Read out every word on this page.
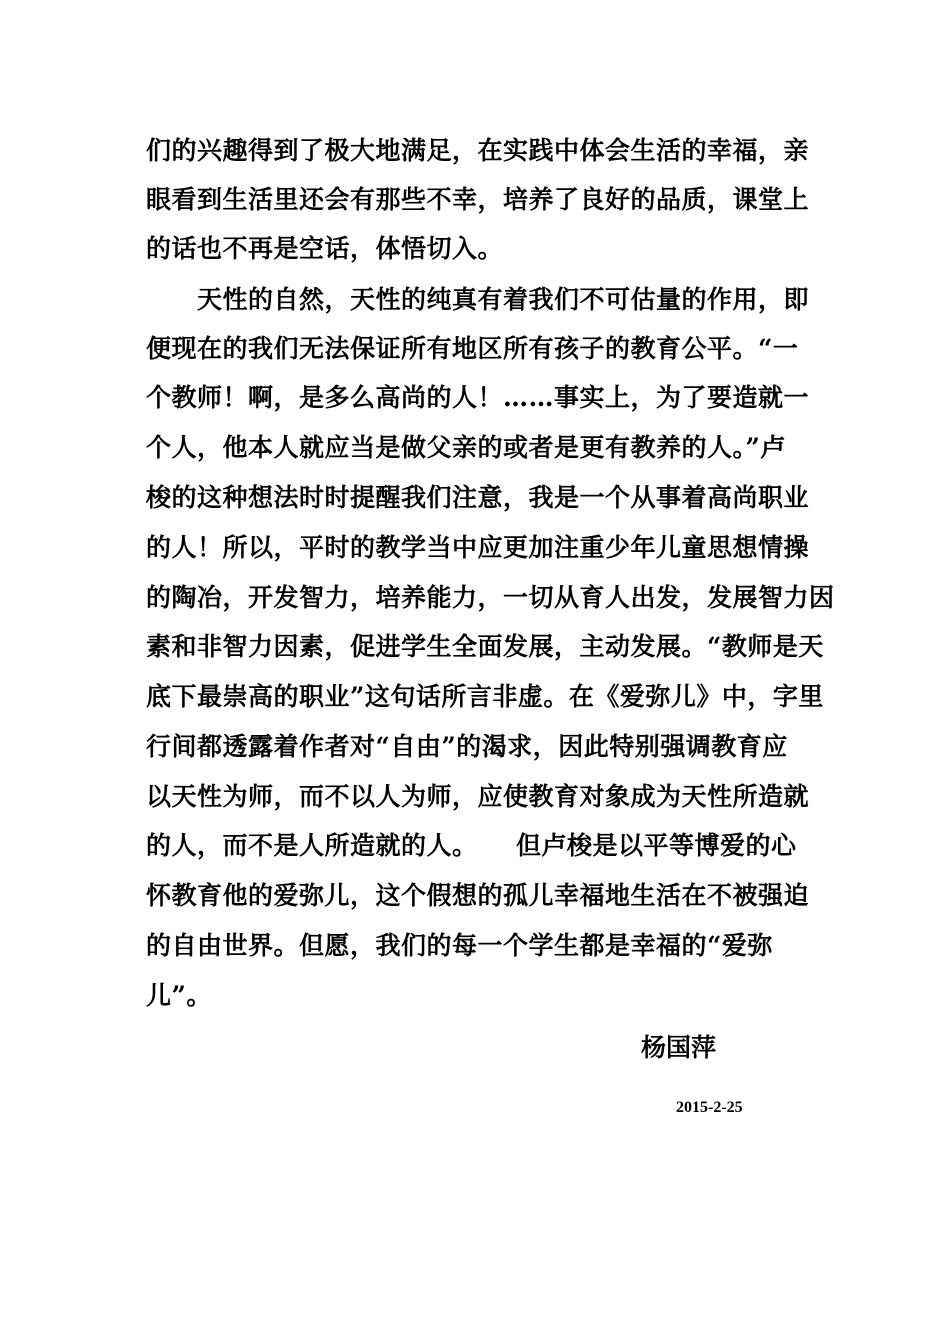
们的兴趣得到了极大地满足，在实践中体会生活的幸福，亲
眼看到生活里还会有那些不幸，培养了良好的品质，课堂上
的话也不再是空话，体悟切入。
　　天性的自然，天性的纯真有着我们不可估量的作用，即
便现在的我们无法保证所有地区所有孩子的教育公平。“一
个教师！啊，是多么高尚的人！……事实上，为了要造就一
个人，他本人就应当是做父亲的或者是更有教养的人。”卢
梭的这种想法时时提醒我们注意，我是一个从事着高尚职业
的人！所以，平时的教学当中应更加注重少年儿童思想情操
的陶冶，开发智力，培养能力，一切从育人出发，发展智力因
素和非智力因素，促进学生全面发展，主动发展。“教师是天
底下最崇高的职业”这句话所言非虚。在《爱弥儿》中，字里
行间都透露着作者对“自由”的渴求，因此特别强调教育应
以天性为师，而不以人为师，应使教育对象成为天性所造就
的人，而不是人所造就的人。　　但卢梭是以平等博爱的心
怀教育他的爱弥儿，这个假想的孤儿幸福地生活在不被强迫
的自由世界。但愿，我们的每一个学生都是幸福的“爱弥
儿”。
杨国萍
2015-2-25
